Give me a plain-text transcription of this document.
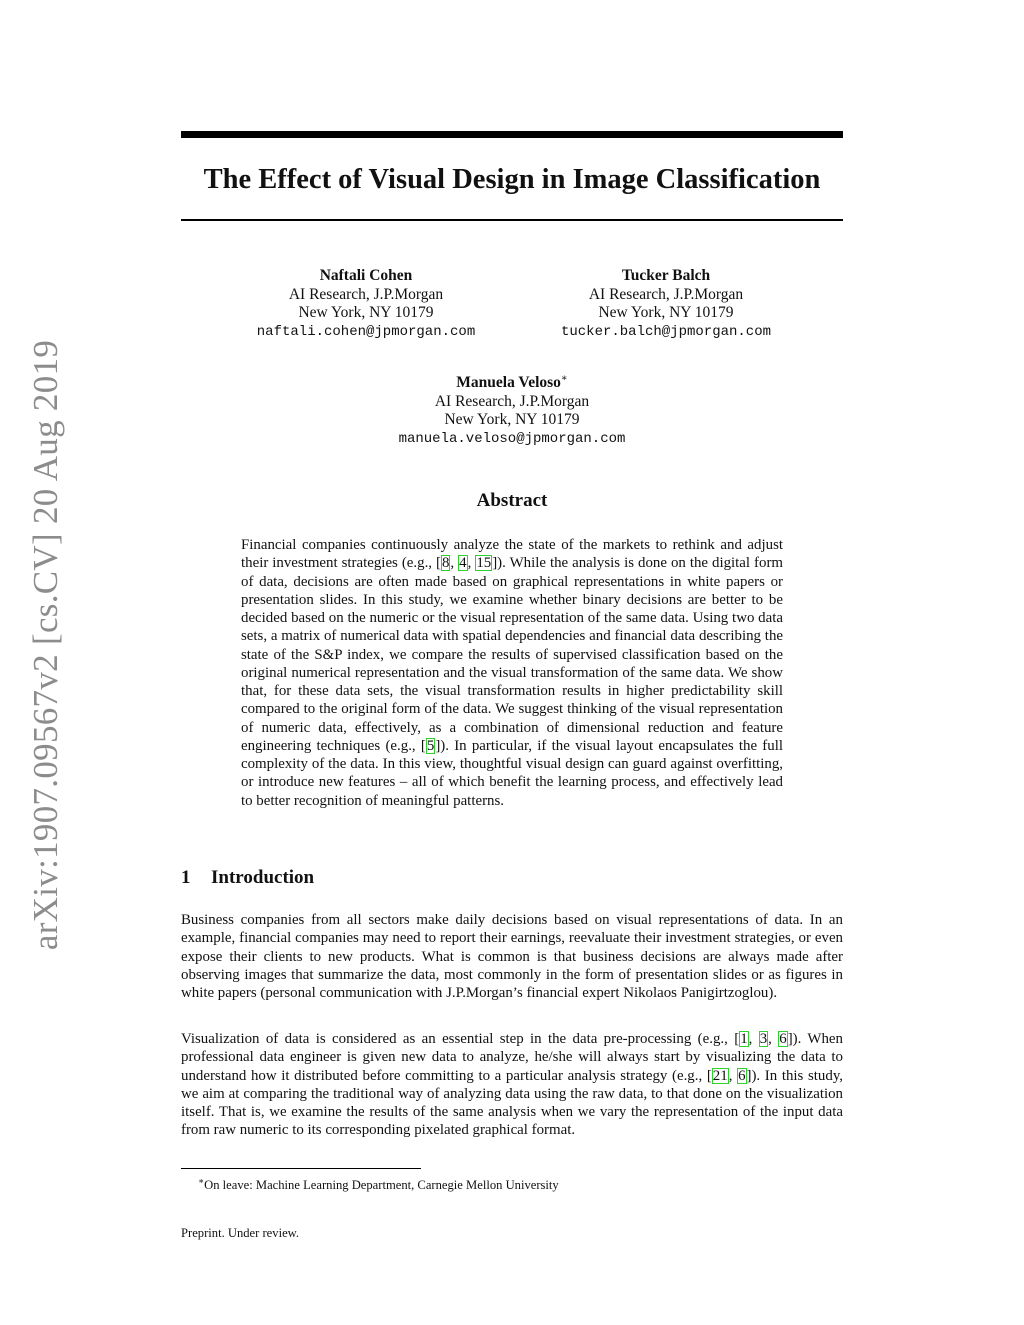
arXiv:1907.09567v2 [cs.CV] 20 Aug 2019
The Effect of Visual Design in Image Classification
Naftali Cohen
AI Research, J.P.Morgan
New York, NY 10179
naftali.cohen@jpmorgan.com
Tucker Balch
AI Research, J.P.Morgan
New York, NY 10179
tucker.balch@jpmorgan.com
Manuela Veloso∗
AI Research, J.P.Morgan
New York, NY 10179
manuela.veloso@jpmorgan.com
Abstract
Financial companies continuously analyze the state of the markets to rethink and adjust their investment strategies (e.g., [8, 4, 15]). While the analysis is done on the digital form of data, decisions are often made based on graphical representations in white papers or presentation slides. In this study, we examine whether binary decisions are better to be decided based on the numeric or the visual representation of the same data. Using two data sets, a matrix of numerical data with spatial dependencies and financial data describing the state of the S&P index, we compare the results of supervised classification based on the original numerical representation and the visual transformation of the same data. We show that, for these data sets, the visual transformation results in higher predictability skill compared to the original form of the data. We suggest thinking of the visual representation of numeric data, effectively, as a combination of dimensional reduction and feature engineering techniques (e.g., [5]). In particular, if the visual layout encapsulates the full complexity of the data. In this view, thoughtful visual design can guard against overfitting, or introduce new features – all of which benefit the learning process, and effectively lead to better recognition of meaningful patterns.
1 Introduction
Business companies from all sectors make daily decisions based on visual representations of data. In an example, financial companies may need to report their earnings, reevaluate their investment strategies, or even expose their clients to new products. What is common is that business decisions are always made after observing images that summarize the data, most commonly in the form of presentation slides or as figures in white papers (personal communication with J.P.Morgan’s financial expert Nikolaos Panigirtzoglou).
Visualization of data is considered as an essential step in the data pre-processing (e.g., [1, 3, 6]). When professional data engineer is given new data to analyze, he/she will always start by visualizing the data to understand how it distributed before committing to a particular analysis strategy (e.g., [21, 6]). In this study, we aim at comparing the traditional way of analyzing data using the raw data, to that done on the visualization itself. That is, we examine the results of the same analysis when we vary the representation of the input data from raw numeric to its corresponding pixelated graphical format.
∗On leave: Machine Learning Department, Carnegie Mellon University
Preprint. Under review.
